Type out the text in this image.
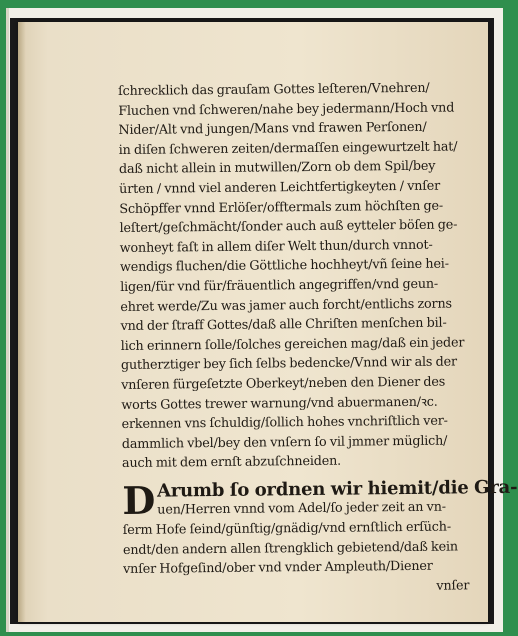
ſchrecklich das grauſam Gottes leſteren/Vnehren/
Fluchen vnd ſchweren/nahe bey jedermann/Hoch vnd
Nider/Alt vnd jungen/Mans vnd frawen Perſonen/
in diſen ſchweren zeiten/dermaſſen eingewurtzelt hat/
daß nicht allein in mutwillen/Zorn ob dem Spil/bey
ürten / vnnd viel anderen Leichtfertigkeyten / vnſer
Schöpffer vnnd Erlöſer/offtermals zum höchſten ge-
leſtert/geſchmächt/ſonder auch auß eytteler böſen ge-
wonheyt faſt in allem diſer Welt thun/durch vnnot-
wendigs fluchen/die Göttliche hochheyt/vñ ſeine hei-
ligen/für vnd für/fräuentlich angegriffen/vnd geun-
ehret werde/Zu was jamer auch forcht/entlichs zorns
vnd der ſtraff Gottes/daß alle Chriſten menſchen bil-
lich erinnern ſolle/ſolches gereichen mag/daß ein jeder
gutherztiger bey ſich ſelbs bedencke/Vnnd wir als der
vnſeren fürgeſetzte Oberkeyt/neben den Diener des
worts Gottes trewer warnung/vnd abuermanen/ꝛc.
erkennen vns ſchuldig/ſollich hohes vnchriſtlich ver-
dammlich vbel/bey den vnſern ſo vil jmmer müglich/
auch mit dem ernſt abzuſchneiden.
D Arumb ſo ordnen wir hiemit/die Gra-
uen/Herren vnnd vom Adel/ſo jeder zeit an vn-
ſerm Hofe ſeind/günſtig/gnädig/vnd ernſtlich erſüch-
endt/den andern allen ſtrengklich gebietend/daß kein
vnſer Hofgeſind/ober vnd vnder Ampleuth/Diener
vnſer
